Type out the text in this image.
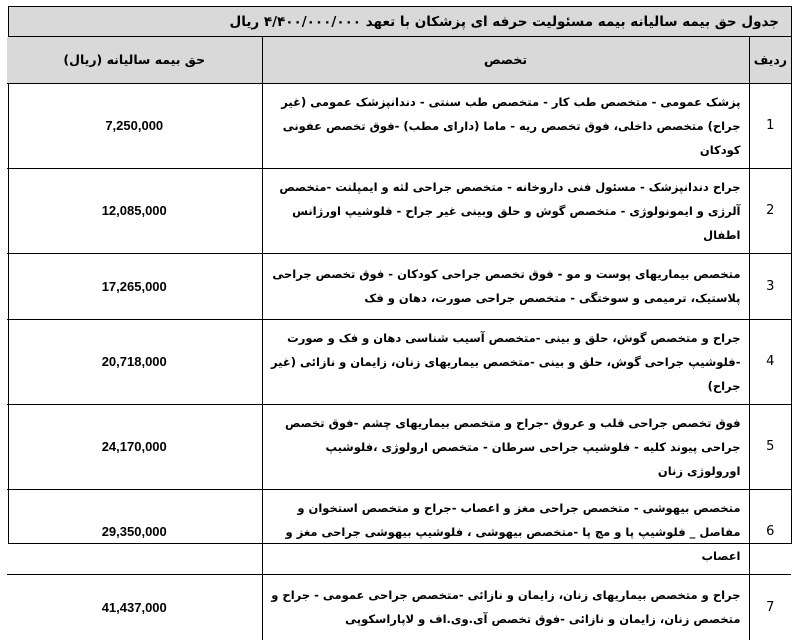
جدول حق بیمه سالیانه بیمه مسئولیت حرفه ای پزشکان با تعهد ۴/۴۰۰/۰۰۰/۰۰۰ ریال
ردیف	تخصص	حق بیمه سالیانه (ریال)
1	پزشک عمومی - متخصص طب کار - متخصص طب سنتی - دندانپزشک عمومی (غیر جراح) متخصص داخلی، فوق تخصص ریه - ماما (دارای مطب) -فوق تخصص عفونی کودکان	7,250,000
2	جراح دندانپزشک - مسئول فنی داروخانه - متخصص جراحی لثه و ایمپلنت -متخصص آلرژی و ایمونولوژی - متخصص گوش و حلق وبینی غیر جراح - فلوشیپ اورژانس اطفال	12,085,000
3	متخصص بیماریهای پوست و مو - فوق تخصص جراحی کودکان - فوق تخصص جراحی پلاستیک، ترمیمی و سوختگی - متخصص جراحی صورت، دهان و فک	17,265,000
4	جراح و متخصص گوش، حلق و بینی -متخصص آسیب شناسی دهان و فک و صورت -فلوشیپ جراحی گوش، حلق و بینی -متخصص بیماریهای زنان، زایمان و نازائی (غیر جراح)	20,718,000
5	فوق تخصص جراحی قلب و عروق -جراح و متخصص بیماریهای چشم -فوق تخصص جراحی پیوند کلیه - فلوشیپ جراحی سرطان - متخصص ارولوژی ،فلوشیپ اورولوژی زنان	24,170,000
6	متخصص بیهوشی - متخصص جراحی مغز و اعصاب -جراح و متخصص استخوان و مفاصل _ فلوشیپ پا و مچ پا -متخصص بیهوشی ، فلوشیپ بیهوشی جراحی مغز و اعصاب	29,350,000
7	جراح و متخصص بیماریهای زنان، زایمان و نازائی -متخصص جراحی عمومی - جراح و متخصص زنان، زایمان و نازائی -فوق تخصص آی.وی.اف و لاپاراسکوپی	41,437,000
